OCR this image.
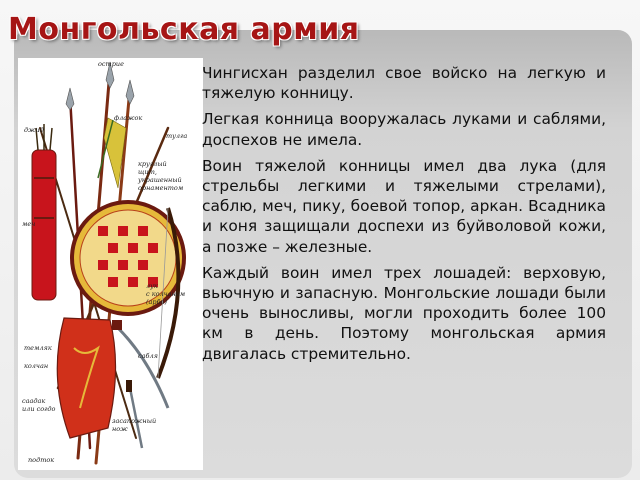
Монгольская армия
острие
флажок
джид
тулга
круглый
щит,
украшенный
орнаментом
меч
лук
с колчаном
(арбо)
темляк
колчан
сабля
саадак
или согдо
засапожный
нож
подток

Чингисхан разделил свое войско на легкую и тяжелую конницу.

Легкая конница вооружалась луками и саблями, доспехов не имела.

Воин тяжелой конницы имел два лука (для стрельбы легкими и тяжелыми стрелами), саблю, меч, пику, боевой топор, аркан. Всадника и коня защищали доспехи из буйволовой кожи, а позже – железные.

Каждый воин имел трех лошадей: верховую, вьючную и запасную. Монгольские лошади были очень выносливы, могли проходить более 100 км в день. Поэтому монгольская армия двигалась стремительно.
